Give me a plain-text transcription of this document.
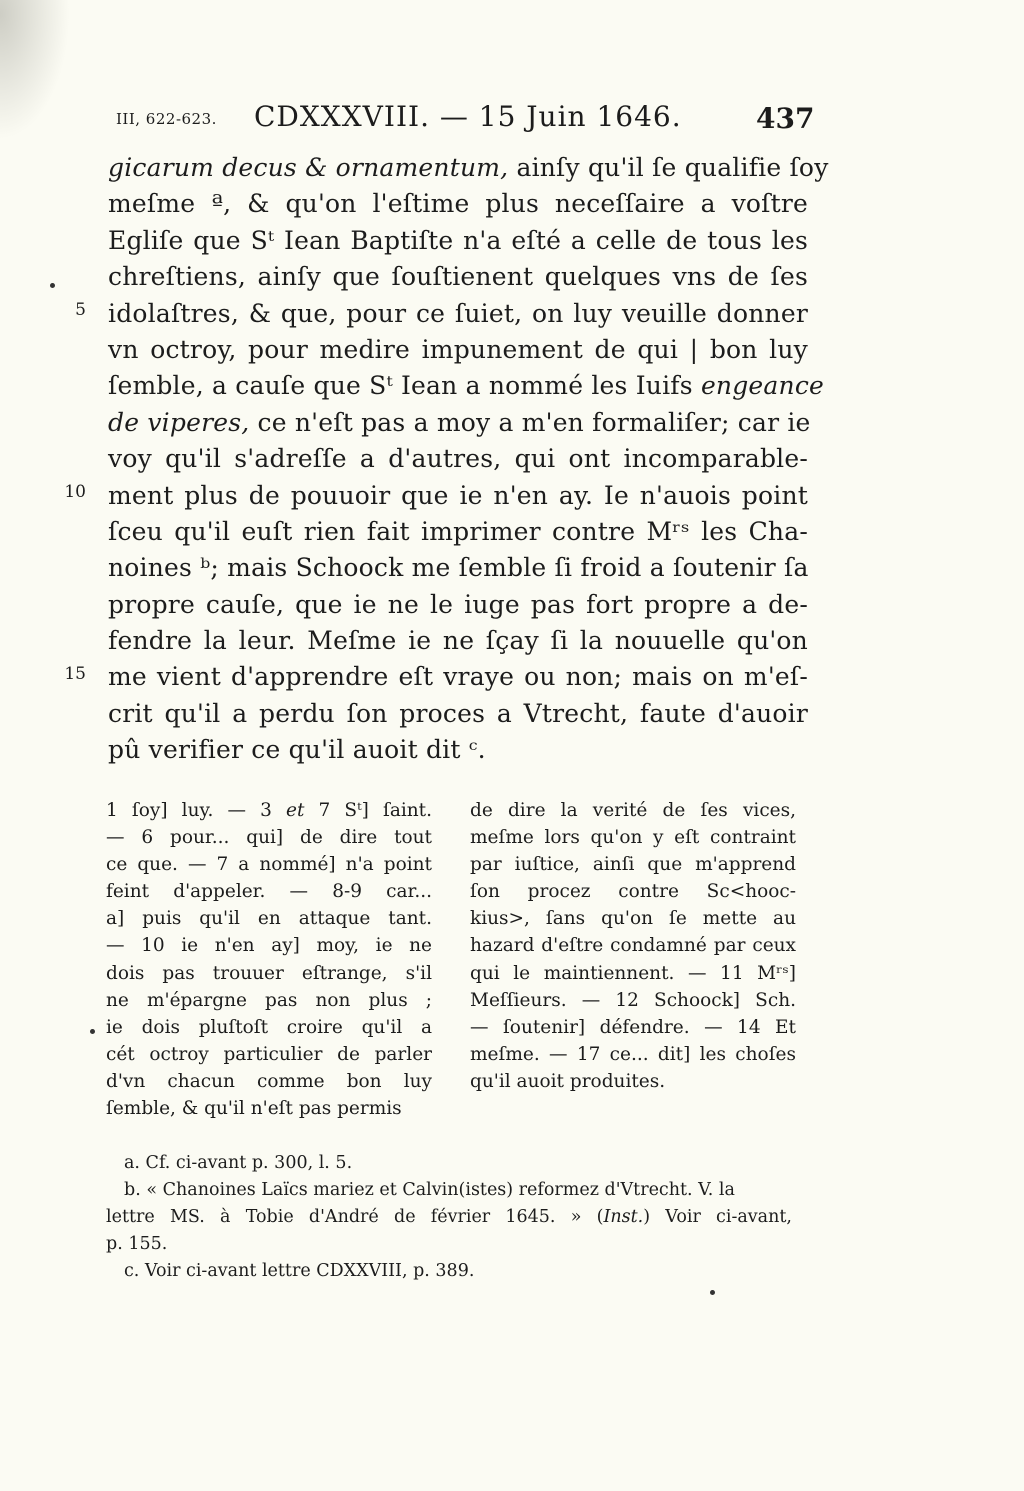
III, 622-623. CDXXXVIII. — 15 Juin 1646.	437
gicarum decus & ornamentum, ainſy qu'il ſe qualifie ſoy
meſme ª, & qu'on l'eſtime plus neceſſaire a voſtre
Egliſe que Sᵗ Iean Baptiſte n'a eſté a celle de tous les
chreſtiens, ainſy que ſouſtienent quelques vns de ſes
idolaſtres, & que, pour ce ſuiet, on luy veuille donner
vn octroy, pour medire impunement de qui | bon luy
ſemble, a cauſe que Sᵗ Iean a nommé les Iuifs engeance
de viperes, ce n'eſt pas a moy a m'en formaliſer; car ie
voy qu'il s'adreſſe a d'autres, qui ont incomparable-
ment plus de pouuoir que ie n'en ay. Ie n'auois point
ſceu qu'il euſt rien fait imprimer contre Mʳˢ les Cha-
noines ᵇ; mais Schoock me ſemble ſi froid a ſoutenir ſa
propre cauſe, que ie ne le iuge pas fort propre a de-
fendre la leur. Meſme ie ne ſçay ſi la nouuelle qu'on
me vient d'apprendre eſt vraye ou non; mais on m'eſ-
crit qu'il a perdu ſon proces a Vtrecht, faute d'auoir
pû verifier ce qu'il auoit dit ᶜ.
5
10
15
1 ſoy] luy. — 3 et 7 Sᵗ] ſaint.
— 6 pour... qui] de dire tout
ce que. — 7 a nommé] n'a point
feint d'appeler. — 8-9 car...
a] puis qu'il en attaque tant.
— 10 ie n'en ay] moy, ie ne
dois pas trouuer eſtrange, s'il
ne m'épargne pas non plus ;
ie dois pluſtoſt croire qu'il a
cét octroy particulier de parler
d'vn chacun comme bon luy
ſemble, & qu'il n'eſt pas permis
de dire la verité de ſes vices,
meſme lors qu'on y eſt contraint
par iuſtice, ainſi que m'apprend
ſon procez contre Sc<hooc-
kius>, ſans qu'on ſe mette au
hazard d'eſtre condamné par ceux
qui le maintiennent. — 11 Mʳˢ]
Meſſieurs. — 12 Schoock] Sch.
— ſoutenir] défendre. — 14 Et
meſme. — 17 ce... dit] les choſes
qu'il auoit produites.
a. Cf. ci-avant p. 300, l. 5.
b. « Chanoines Laïcs mariez et Calvin(istes) reformez d'Vtrecht. V. la
lettre MS. à Tobie d'André de février 1645. » (Inst.) Voir ci-avant,
p. 155.
c. Voir ci-avant lettre CDXXVIII, p. 389.
